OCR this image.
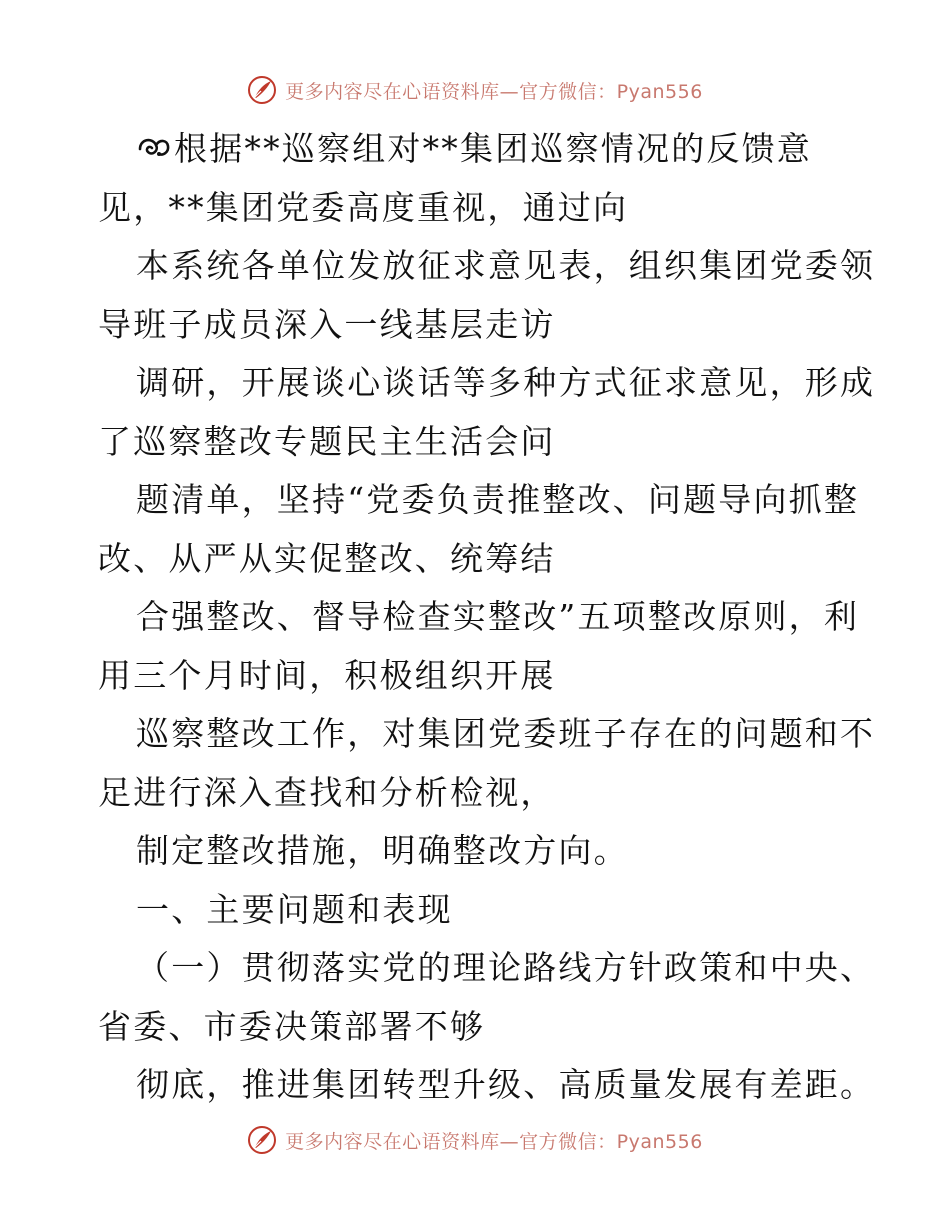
更多内容尽在心语资料库—官方微信：Pyan556
根据**巡察组对**集团巡察情况的反馈意
见，**集团党委高度重视，通过向
本系统各单位发放征求意见表，组织集团党委领
导班子成员深入一线基层走访
调研，开展谈心谈话等多种方式征求意见，形成
了巡察整改专题民主生活会问
题清单，坚持“党委负责推整改、问题导向抓整
改、从严从实促整改、统筹结
合强整改、督导检查实整改”五项整改原则，利
用三个月时间，积极组织开展
巡察整改工作，对集团党委班子存在的问题和不
足进行深入查找和分析检视，
制定整改措施，明确整改方向。
一、主要问题和表现
（一）贯彻落实党的理论路线方针政策和中央、
省委、市委决策部署不够
彻底，推进集团转型升级、高质量发展有差距。
更多内容尽在心语资料库—官方微信：Pyan556
